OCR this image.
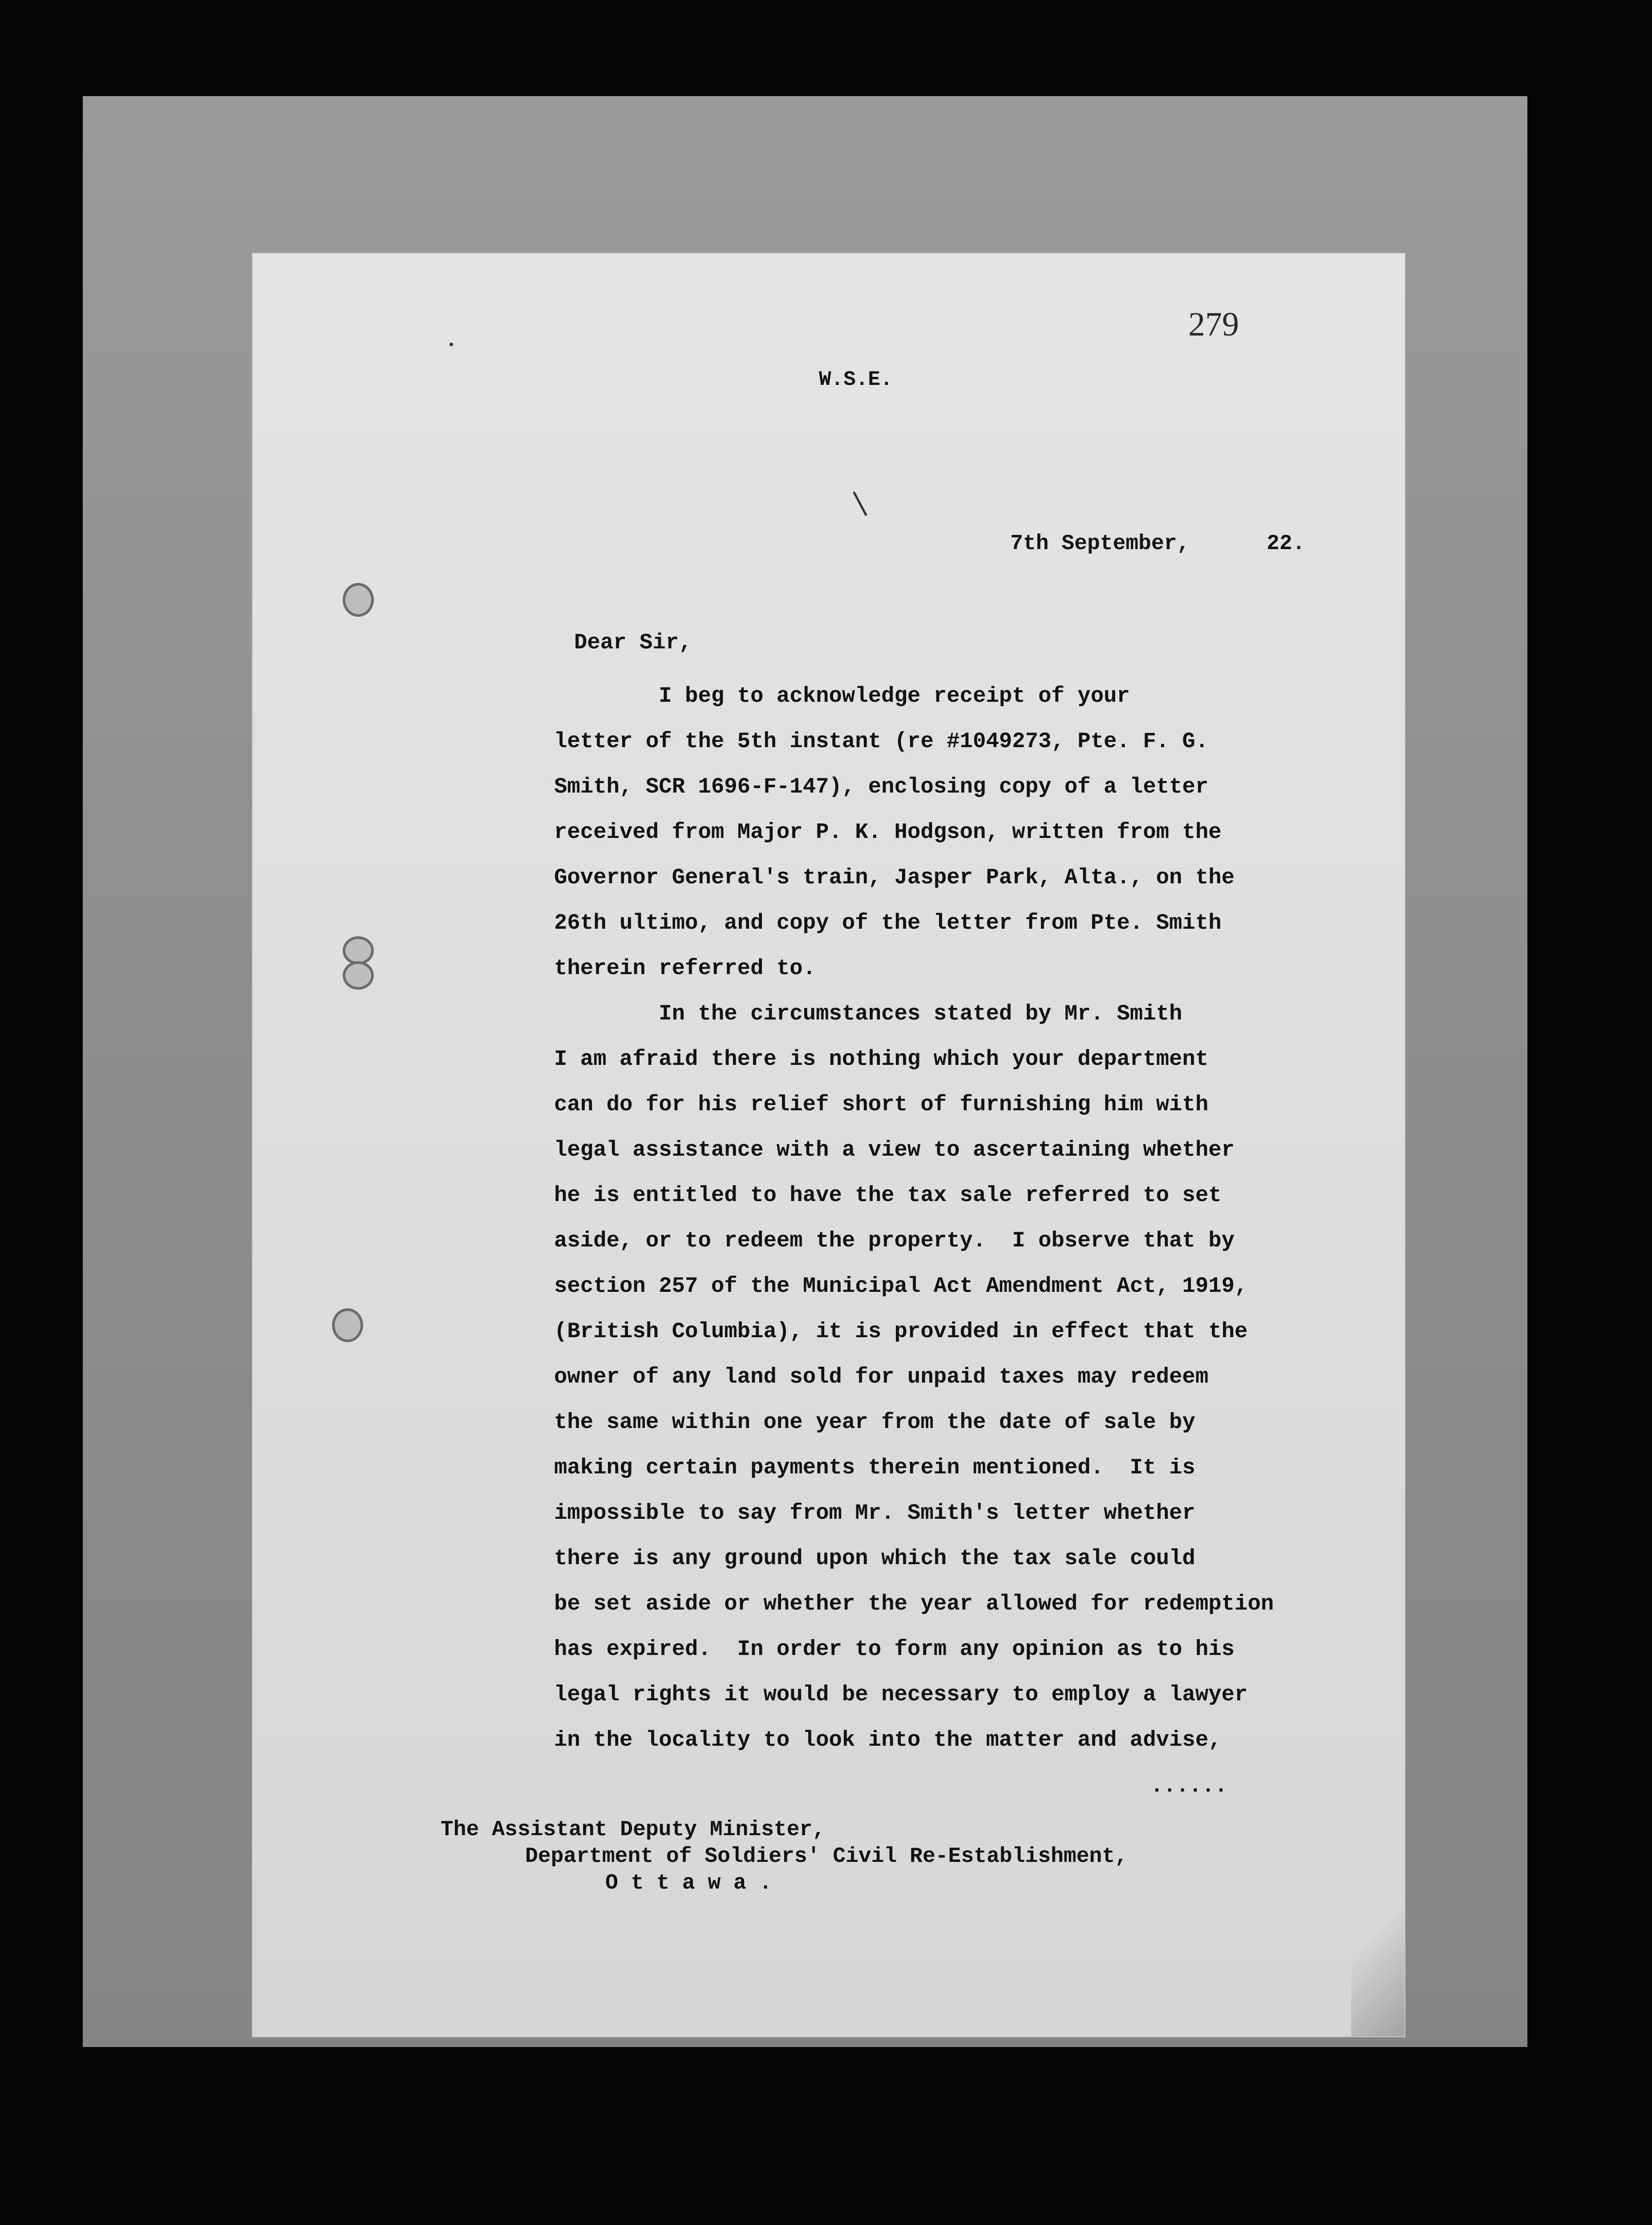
279
W.S.E.
7th September,      22.
Dear Sir,
I beg to acknowledge receipt of your
letter of the 5th instant (re #1049273, Pte. F. G.
Smith, SCR 1696-F-147), enclosing copy of a letter
received from Major P. K. Hodgson, written from the
Governor General's train, Jasper Park, Alta., on the
26th ultimo, and copy of the letter from Pte. Smith
therein referred to.
In the circumstances stated by Mr. Smith
I am afraid there is nothing which your department
can do for his relief short of furnishing him with
legal assistance with a view to ascertaining whether
he is entitled to have the tax sale referred to set
aside, or to redeem the property.  I observe that by
section 257 of the Municipal Act Amendment Act, 1919,
(British Columbia), it is provided in effect that the
owner of any land sold for unpaid taxes may redeem
the same within one year from the date of sale by
making certain payments therein mentioned.  It is
impossible to say from Mr. Smith's letter whether
there is any ground upon which the tax sale could
be set aside or whether the year allowed for redemption
has expired.  In order to form any opinion as to his
legal rights it would be necessary to employ a lawyer
in the locality to look into the matter and advise,
......
The Assistant Deputy Minister,
Department of Soldiers' Civil Re-Establishment,
O t t a w a .
